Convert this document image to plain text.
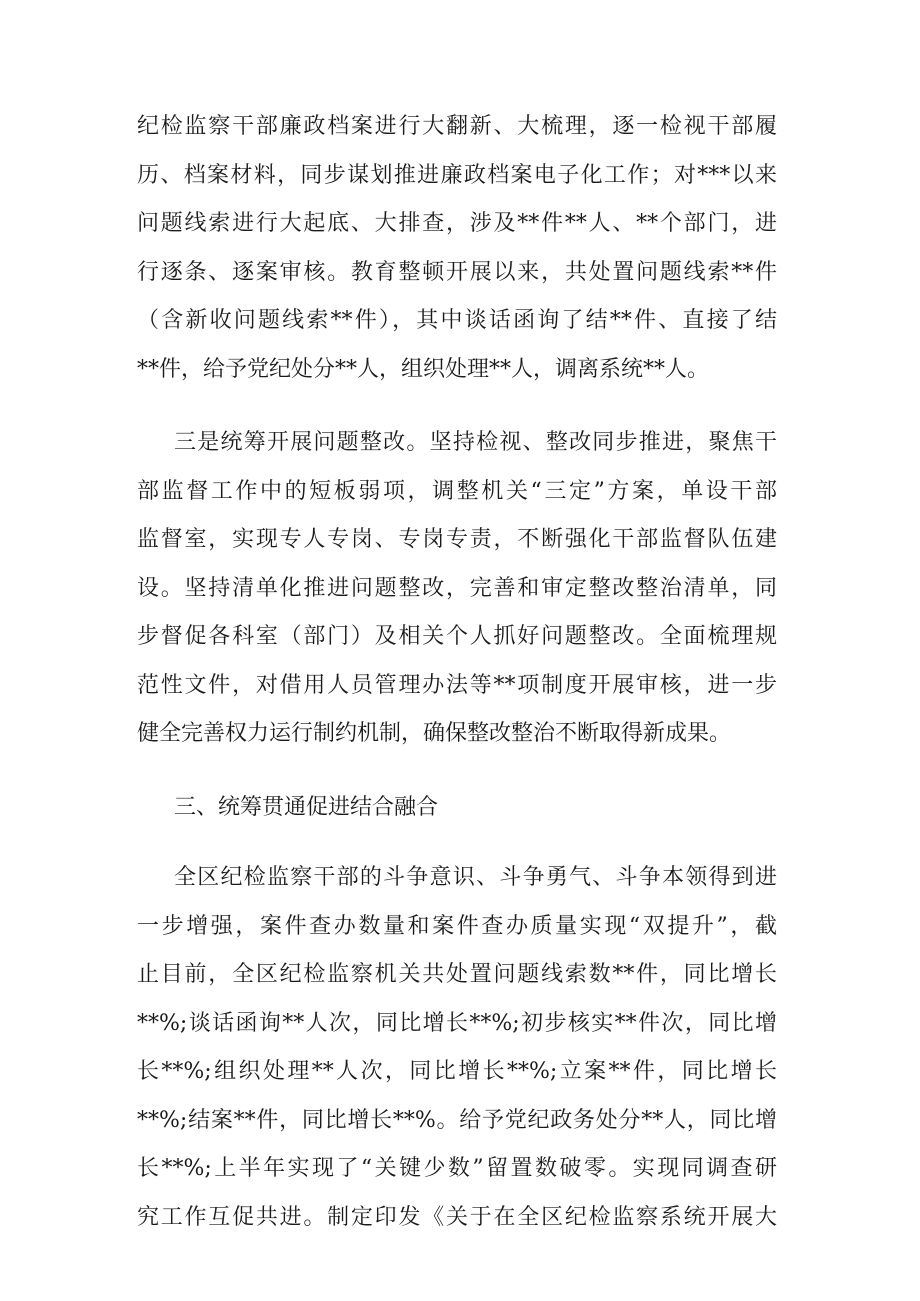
纪检监察干部廉政档案进行大翻新、大梳理，逐一检视干部履
历、档案材料，同步谋划推进廉政档案电子化工作；对***以来
问题线索进行大起底、大排查，涉及**件**人、**个部门，进
行逐条、逐案审核。教育整顿开展以来，共处置问题线索**件
（含新收问题线索**件），其中谈话函询了结**件、直接了结
**件，给予党纪处分**人，组织处理**人，调离系统**人。
三是统筹开展问题整改。坚持检视、整改同步推进，聚焦干
部监督工作中的短板弱项，调整机关“三定”方案，单设干部
监督室，实现专人专岗、专岗专责，不断强化干部监督队伍建
设。坚持清单化推进问题整改，完善和审定整改整治清单，同
步督促各科室（部门）及相关个人抓好问题整改。全面梳理规
范性文件，对借用人员管理办法等**项制度开展审核，进一步
健全完善权力运行制约机制，确保整改整治不断取得新成果。
三、统筹贯通促进结合融合
全区纪检监察干部的斗争意识、斗争勇气、斗争本领得到进
一步增强，案件查办数量和案件查办质量实现“双提升”，截
止目前，全区纪检监察机关共处置问题线索数**件，同比增长
**%;谈话函询**人次，同比增长**%;初步核实**件次，同比增
长**%;组织处理**人次，同比增长**%;立案**件，同比增长
**%;结案**件，同比增长**%。给予党纪政务处分**人，同比增
长**%;上半年实现了“关键少数”留置数破零。实现同调查研
究工作互促共进。制定印发《关于在全区纪检监察系统开展大
